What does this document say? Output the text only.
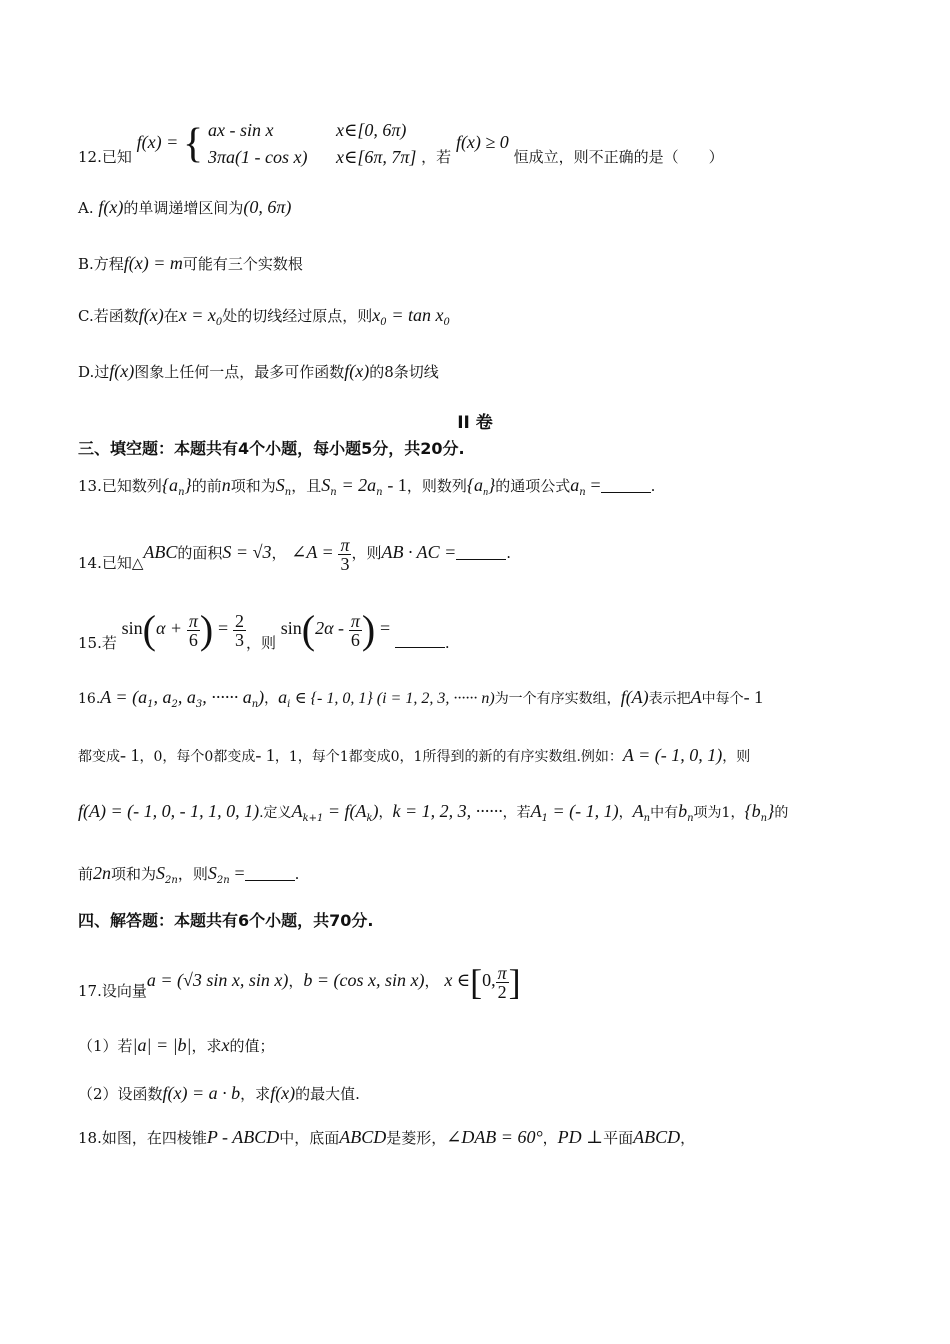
12.已知 f(x) = { ax - sin x	x∈[0, 6π)
3πa(1 - cos x) x∈[6π, 7π] ，若 f(x) ≥ 0 恒成立，则不正确的是（　　）
A. f(x)的单调递增区间为(0, 6π)
B.方程f(x) = m可能有三个实数根
C.若函数f(x)在$x = x_0$处的切线经过原点，则$x_0 = \tan x_0$
D.过f(x)图象上任何一点，最多可作函数f(x)的8条切线
II 卷
三、填空题：本题共有4个小题，每小题5分，共20分.
13.已知数列$\{a_n\}$的前n项和为$S_n$，且$S_n = 2a_n - 1$，则数列$\{a_n\}$的通项公式$a_n$ =	.
14.已知△ABC的面积S = √3， ∠A = $\frac{\pi}{3}$ ，则AB · AC =	.
15.若 $\sin(\alpha + \frac{\pi}{6}$ ) = $\frac{2}{3}$ ，则 $\sin(2\alpha - \frac{\pi}{6}$ ) = .
$16.A = (a_1$, $a_2$, $a_3$, ······ $a_n$)，$a_i$ ∈ {- 1, 0, 1} (i = 1, 2, 3, ······ n)为一个有序实数组，f(A)表示把A中每个- 1
都变成- 1，0，每个0都变成- 1，1，每个1都变成0，1所得到的新的有序实数组.例如：A = (- 1, 0, 1)，则
f(A) = (- 1, 0, - 1, 1, 0, 1).定义$A_{k+1} = f(A_k)$，k = 1, 2, 3, ······，若$A_1$ = (- 1, 1)，$A_n$中有$b_n$项为1，$\{b_n\}$的
前2n项和为$S_{2n}$，则$S_{2n}$ =	.
四、解答题：本题共有6个小题，共70分.
17.设向量a = (√3 sin x, sin x)，b = (cos x, sin x)， x ∈[0, $\frac{\pi}{2}$ ]
（1）若|a| = |b|，求x的值；
（2）设函数f(x) = a · b，求f(x)的最大值.
18.如图，在四棱锥P - ABCD中，底面ABCD是菱形，∠DAB = 60°，PD ⊥平面ABCD，
